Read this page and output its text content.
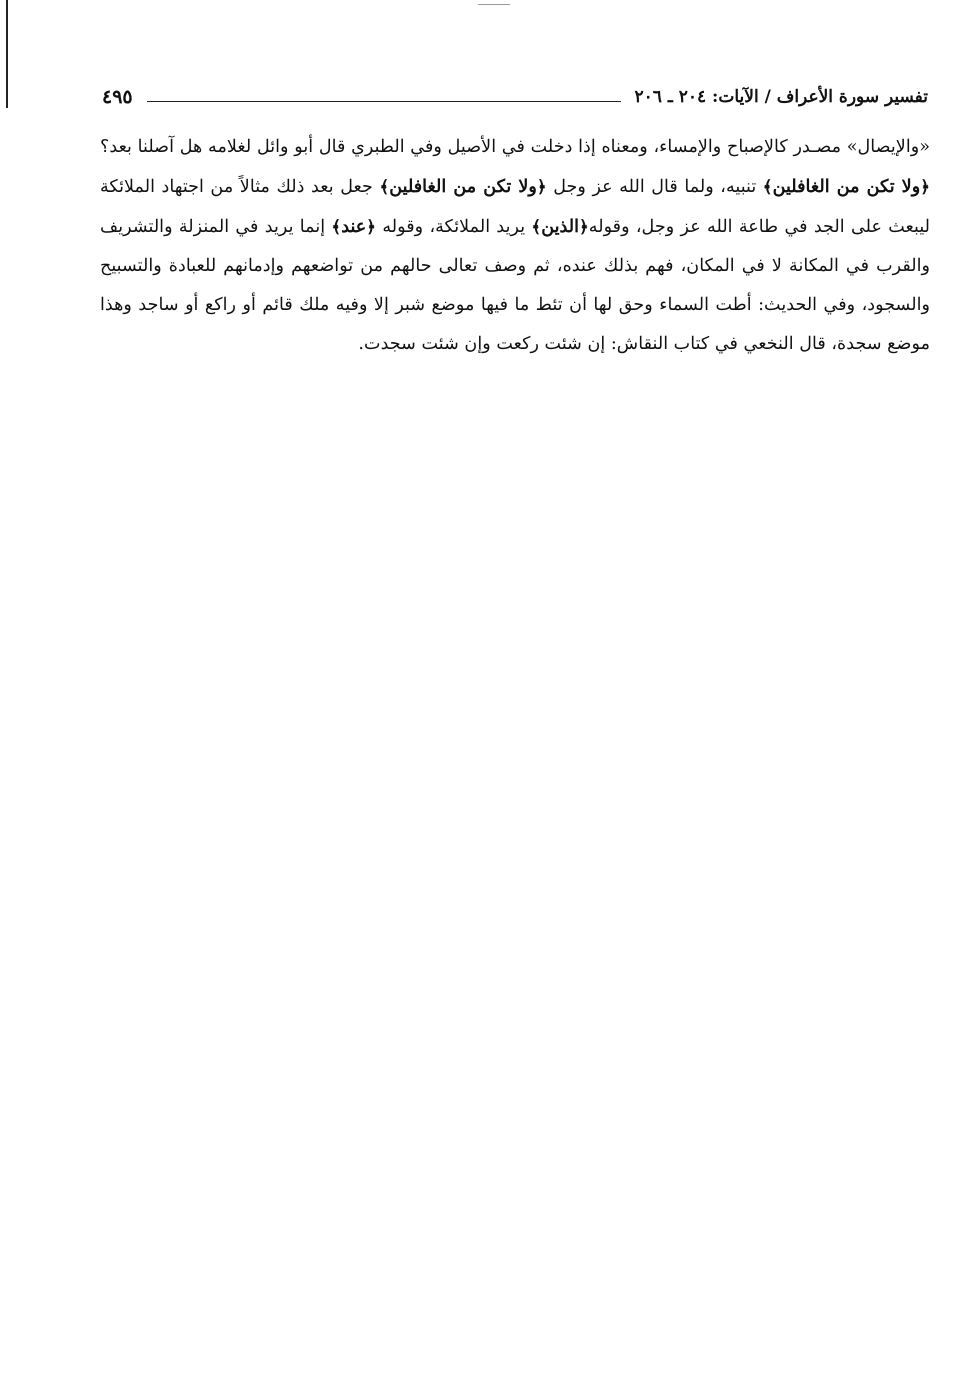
تفسير سورة الأعراف / الآيات: ٢٠٤ ـ ٢٠٦
٤٩٥

«والإيصال» مصـدر كالإصباح والإمساء، ومعناه إذا دخلت في الأصيل وفي الطبري قال أبو وائل لغلامه هل آصلنا بعد؟﴿ولا تكن من الغافلين﴾ تنبيه، ولما قال الله عز وجل ﴿ولا تكن من الغافلين﴾ جعل بعد ذلك مثالاً من اجتهاد الملائكة ليبعث على الجد في طاعة الله عز وجل، وقوله﴿الذين﴾ يريد الملائكة، وقوله ﴿عند﴾ إنما يريد في المنزلة والتشريف والقرب في المكانة لا في المكان، فهم بذلك عنده، ثم وصف تعالى حالهم من تواضعهم وإدمانهم للعبادة والتسبيح والسجود، وفي الحديث: أطت السماء وحق لها أن تئط ما فيها موضع شبر إلا وفيه ملك قائم أو راكع أو ساجد وهذا موضع سجدة، قال النخعي في كتاب النقاش: إن شئت ركعت وإن شئت سجدت.
